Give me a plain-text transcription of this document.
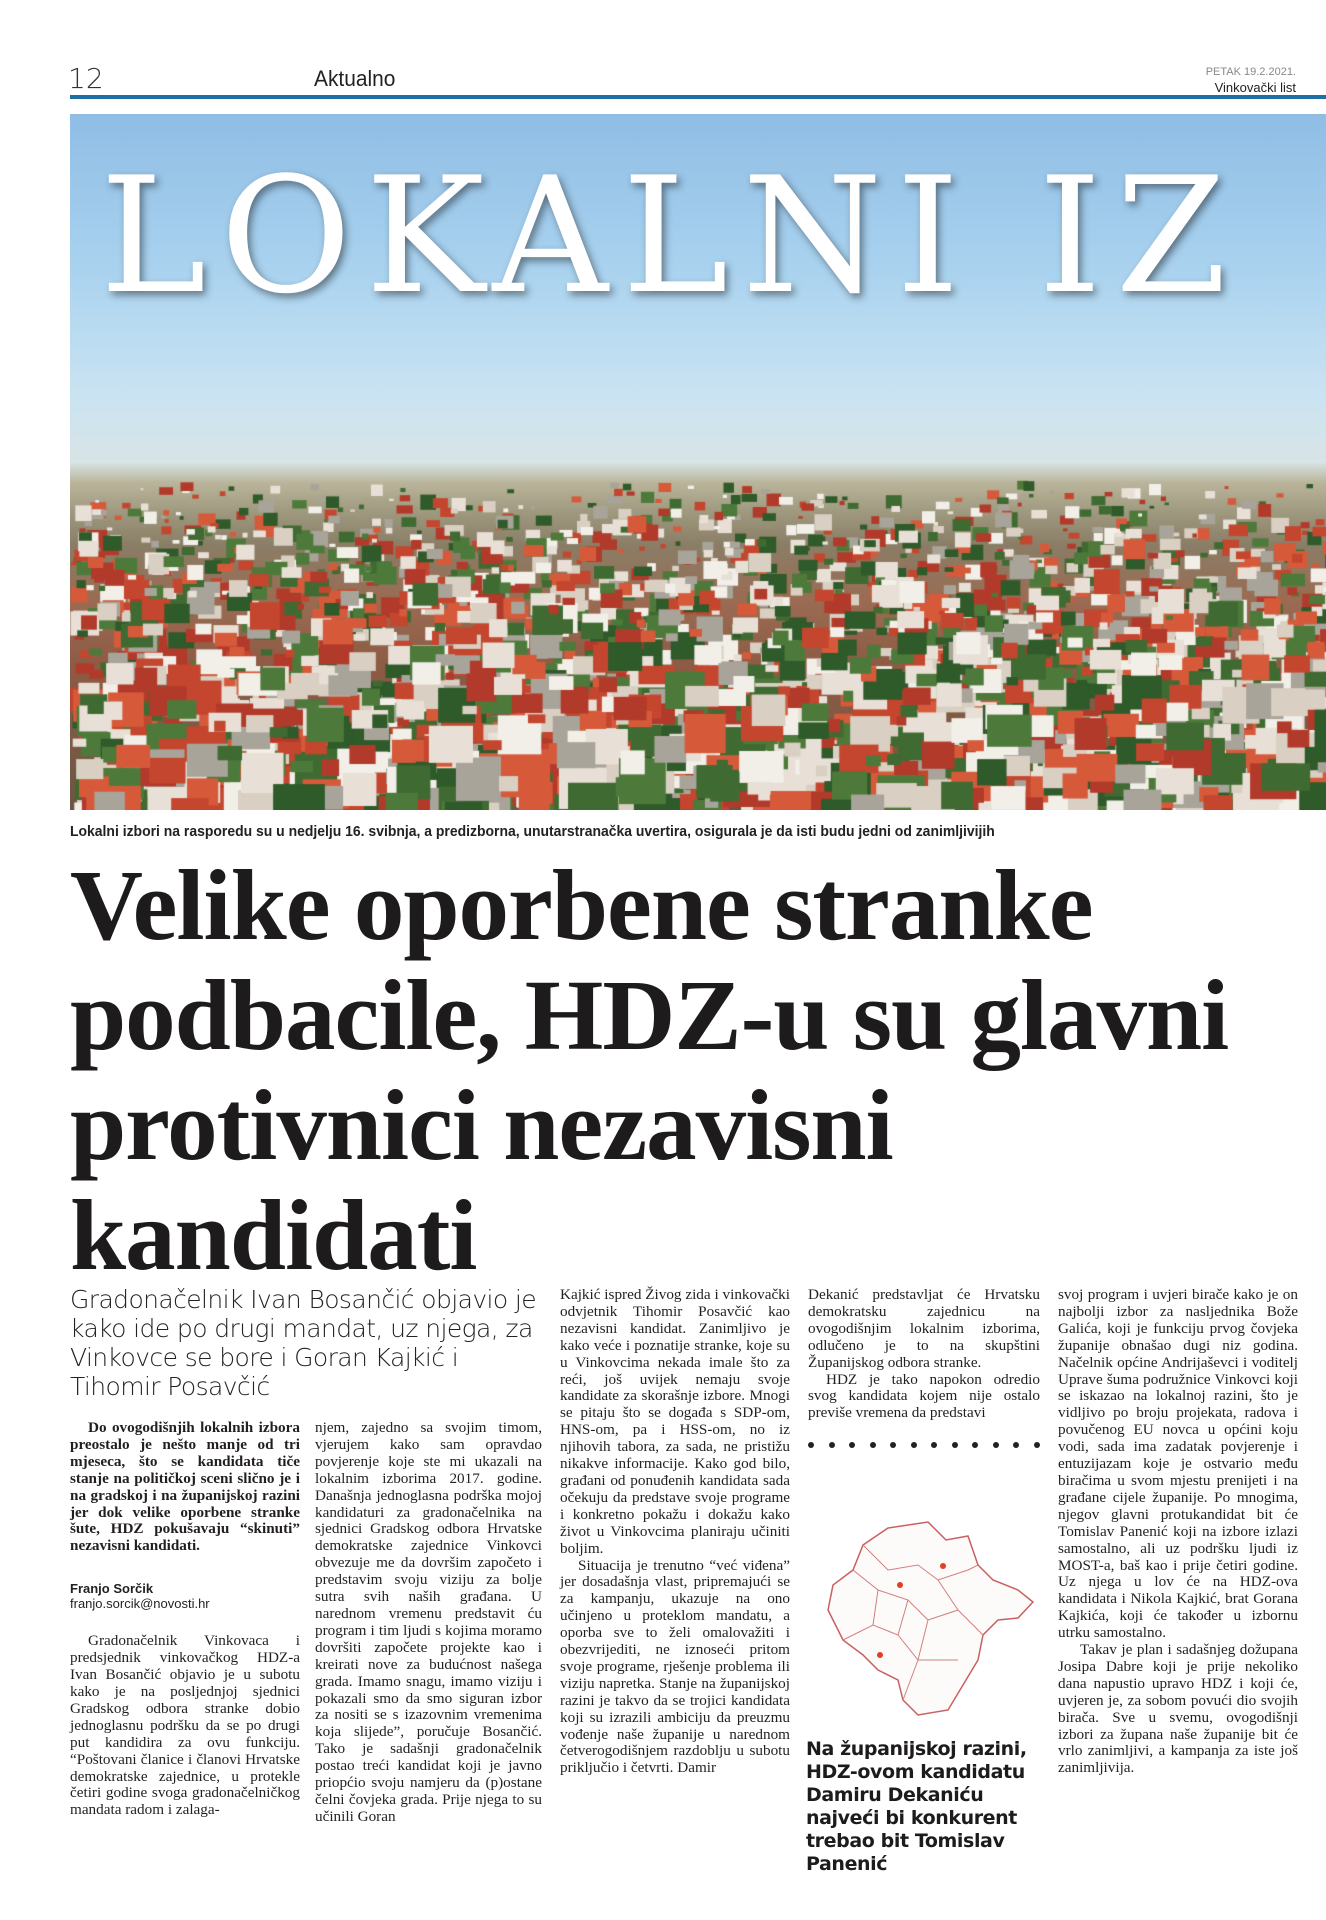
12	Aktualno	PETAK 19.2.2021.
Vinkovački list
LOKALNI IZ
Lokalni izbori na rasporedu su u nedjelju 16. svibnja, a predizborna, unutarstranačka uvertira, osigurala je da isti budu jedni od zanimljivijih
Velike oporbene stranke podbacile, HDZ-u su glavni protivnici nezavisni kandidati
Gradonačelnik Ivan Bosančić objavio je kako ide po drugi mandat, uz njega, za Vinkovce se bore i Goran Kajkić i Tihomir Posavčić

Do ovogodišnjih lokalnih izbora preostalo je nešto manje od tri mjeseca, što se kandidata tiče stanje na političkoj sceni slično je i na gradskoj i na županijskoj razini jer dok velike oporbene stranke šute, HDZ pokušavaju “skinuti” nezavisni kandidati.

Franjo Sorčik

franjo.sorcik@novosti.hr

Gradonačelnik Vinkovaca i predsjednik vinkovačkog HDZ-a Ivan Bosančić objavio je u subotu kako je na posljednjoj sjednici Gradskog odbora stranke dobio jednoglasnu podršku da se po drugi put kandidira za ovu funkciju. “Poštovani članice i članovi Hrvatske demokratske zajednice, u protekle četiri godine svoga gradonačelničkog mandata radom i zalaga-

njem, zajedno sa svojim timom, vjerujem kako sam opravdao povjerenje koje ste mi ukazali na lokalnim izborima 2017. godine. Današnja jednoglasna podrška mojoj kandidaturi za gradonačelnika na sjednici Gradskog odbora Hrvatske demokratske zajednice Vinkovci obvezuje me da dovršim započeto i predstavim svoju viziju za bolje sutra svih naših građana. U narednom vremenu predstavit ću program i tim ljudi s kojima moramo dovršiti započete projekte kao i kreirati nove za budućnost našega grada. Imamo snagu, imamo viziju i pokazali smo da smo siguran izbor za nositi se s izazovnim vremenima koja slijede”, poručuje Bosančić. Tako je sadašnji gradonačelnik postao treći kandidat koji je javno priopćio svoju namjeru da (p)ostane čelni čovjeka grada. Prije njega to su učinili Goran

Kajkić ispred Živog zida i vinkovački odvjetnik Tihomir Posavčić kao nezavisni kandidat. Zanimljivo je kako veće i poznatije stranke, koje su u Vinkovcima nekada imale što za reći, još uvijek nemaju svoje kandidate za skorašnje izbore. Mnogi se pitaju što se događa s SDP-om, HNS-om, pa i HSS-om, no iz njihovih tabora, za sada, ne pristižu nikakve informacije. Kako god bilo, građani od ponuđenih kandidata sada očekuju da predstave svoje programe i konkretno pokažu i dokažu kako život u Vinkovcima planiraju učiniti boljim.

Situacija je trenutno “već viđena” jer dosadašnja vlast, pripremajući se za kampanju, ukazuje na ono učinjeno u proteklom mandatu, a oporba sve to želi omalovažiti i obezvrijediti, ne iznoseći pritom svoje programe, rješenje problema ili viziju napretka. Stanje na županijskoj razini je takvo da se trojici kandidata koji su izrazili ambiciju da preuzmu vođenje naše županije u narednom četverogodišnjem razdoblju u subotu priključio i četvrti. Damir

Dekanić predstavljat će Hrvatsku demokratsku zajednicu na ovogodišnjim lokalnim izborima, odlučeno je to na skupštini Županijskog odbora stranke.

HDZ je tako napokon odredio svog kandidata kojem nije ostalo previše vremena da predstavi

Na županijskoj razini, HDZ-ovom kandidatu Damiru Dekaniću najveći bi konkurent trebao bit Tomislav Panenić

svoj program i uvjeri birače kako je on najbolji izbor za nasljednika Bože Galića, koji je funkciju prvog čovjeka županije obnašao dugi niz godina. Načelnik općine Andrijaševci i voditelj Uprave šuma podružnice Vinkovci koji se iskazao na lokalnoj razini, što je vidljivo po broju projekata, radova i povučenog EU novca u općini koju vodi, sada ima zadatak povjerenje i entuzijazam koje je ostvario među biračima u svom mjestu prenijeti i na građane cijele županije. Po mnogima, njegov glavni protukandidat bit će Tomislav Panenić koji na izbore izlazi samostalno, ali uz podršku ljudi iz MOST-a, baš kao i prije četiri godine. Uz njega u lov će na HDZ-ova kandidata i Nikola Kajkić, brat Gorana Kajkića, koji će također u izbornu utrku samostalno.

Takav je plan i sadašnjeg dožupana Josipa Dabre koji je prije nekoliko dana napustio upravo HDZ i koji će, uvjeren je, za sobom povući dio svojih birača. Sve u svemu, ovogodišnji izbori za župana naše županije bit će vrlo zanimljivi, a kampanja za iste još zanimljivija.
